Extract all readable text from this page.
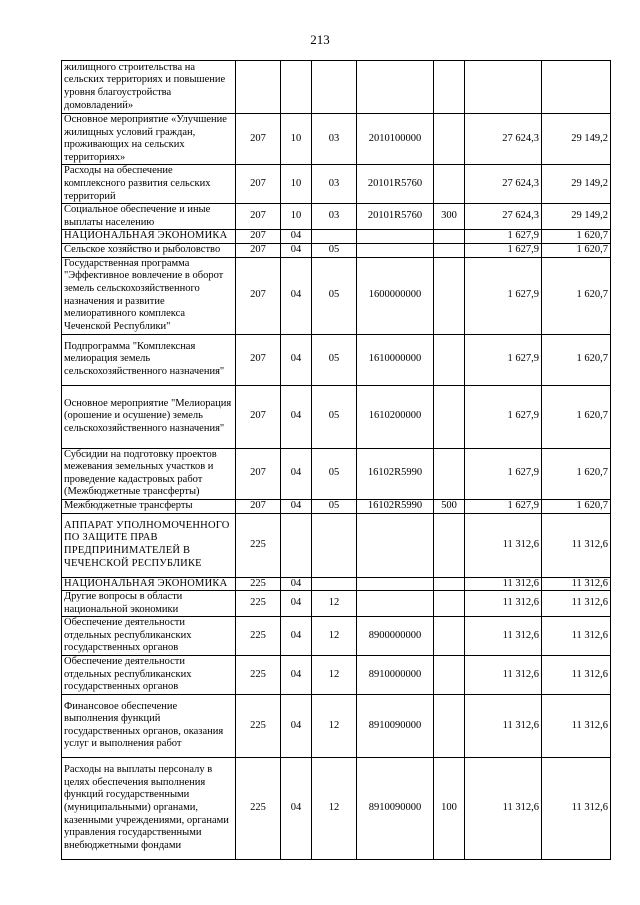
213
жилищного строительства на сельских территориях и повышение уровня благоустройства домовладений»							
Основное мероприятие «Улучшение жилищных условий граждан, проживающих на сельских территориях»	207	10	03	2010100000		27 624,3	29 149,2
Расходы на обеспечение комплексного развития сельских территорий	207	10	03	20101R5760		27 624,3	29 149,2
Социальное обеспечение и иные выплаты населению	207	10	03	20101R5760	300	27 624,3	29 149,2
НАЦИОНАЛЬНАЯ ЭКОНОМИКА	207	04				1 627,9	1 620,7
Сельское хозяйство и рыболовство	207	04	05			1 627,9	1 620,7
Государственная программа "Эффективное вовлечение в оборот земель сельскохозяйственного назначения и развитие мелиоративного комплекса Чеченской Республики"	207	04	05	1600000000		1 627,9	1 620,7
Подпрограмма "Комплексная мелиорация земель сельскохозяйственного назначения"	207	04	05	1610000000		1 627,9	1 620,7
Основное мероприятие "Мелиорация (орошение и осушение) земель сельскохозяйственного назначения"	207	04	05	1610200000		1 627,9	1 620,7
Субсидии на подготовку проектов межевания земельных участков и проведение кадастровых работ (Межбюджетные трансферты)	207	04	05	16102R5990		1 627,9	1 620,7
Межбюджетные трансферты	207	04	05	16102R5990	500	1 627,9	1 620,7
АППАРАТ УПОЛНОМОЧЕННОГО ПО ЗАЩИТЕ ПРАВ ПРЕДПРИНИМАТЕЛЕЙ В ЧЕЧЕНСКОЙ РЕСПУБЛИКЕ	225					11 312,6	11 312,6
НАЦИОНАЛЬНАЯ ЭКОНОМИКА	225	04				11 312,6	11 312,6
Другие вопросы в области национальной экономики	225	04	12			11 312,6	11 312,6
Обеспечение деятельности отдельных республиканских государственных органов	225	04	12	8900000000		11 312,6	11 312,6
Обеспечение деятельности отдельных республиканских государственных органов	225	04	12	8910000000		11 312,6	11 312,6
Финансовое обеспечение выполнения функций государственных органов, оказания услуг и выполнения работ	225	04	12	8910090000		11 312,6	11 312,6
Расходы на выплаты персоналу в целях обеспечения выполнения функций государственными (муниципальными) органами, казенными учреждениями, органами управления государственными внебюджетными фондами	225	04	12	8910090000	100	11 312,6	11 312,6
